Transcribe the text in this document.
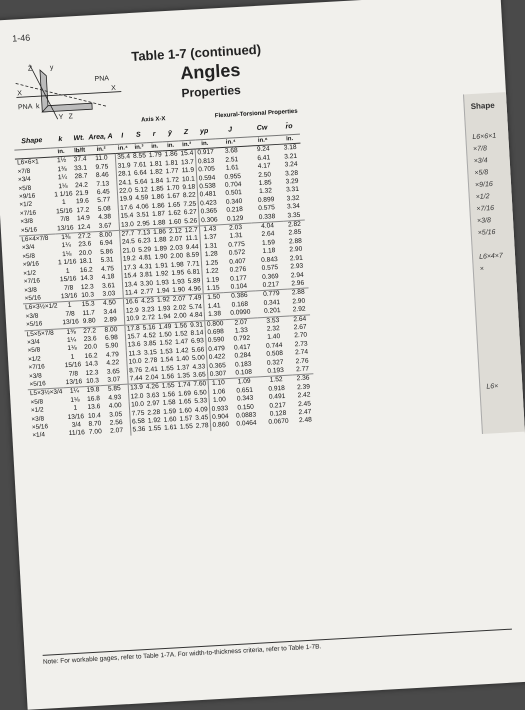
1-46
Table 1-7 (continued)
Angles
Properties
Z y
X
X
Y Z
k
PNA
PNA	Shape
L6×6×1
×7/8
×3/4
×5/8
×9/16
×1/2
×7/16
×3/8
×5/16
L6×4×7
×
L6×
				Axis X-X						Flexural-Torsional Properties		
Shape	k	Wt.	Area, A	I	S	r	ȳ	Z	yp	J	Cw	r̄o
	in.	lb/ft	in.²	in.⁴	in.³	in.	in.	in.³	in.	in.⁴	in.⁶	in.
L6×6×1	1½	37.4	11.0	35.4	8.55	1.79	1.86	15.4	0.917	3.68	9.24	3.18
×7/8	1⅜	33.1	9.75	31.9	7.61	1.81	1.81	13.7	0.813	2.51	6.41	3.21
×3/4	1¼	28.7	8.46	28.1	6.64	1.82	1.77	11.9	0.705	1.61	4.17	3.24
×5/8	1⅛	24.2	7.13	24.1	5.64	1.84	1.72	10.1	0.594	0.955	2.50	3.28
×9/16	1 1/16	21.9	6.45	22.0	5.12	1.85	1.70	9.18	0.538	0.704	1.85	3.29
×1/2	1	19.6	5.77	19.9	4.59	1.86	1.67	8.22	0.481	0.501	1.32	3.31
×7/16	15/16	17.2	5.08	17.6	4.06	1.86	1.65	7.25	0.423	0.340	0.899	3.32
×3/8	7/8	14.9	4.38	15.4	3.51	1.87	1.62	6.27	0.365	0.218	0.575	3.34
×5/16	13/16	12.4	3.67	13.0	2.95	1.88	1.60	5.26	0.306	0.129	0.338	3.35
L6×4×7/8	1⅜	27.2	8.00	27.7	7.13	1.86	2.12	12.7	1.43	2.03	4.04	2.82
×3/4	1¼	23.6	6.94	24.5	6.23	1.88	2.07	11.1	1.37	1.31	2.64	2.85
×5/8	1⅛	20.0	5.86	21.0	5.29	1.89	2.03	9.44	1.31	0.775	1.59	2.88
×9/16	1 1/16	18.1	5.31	19.2	4.81	1.90	2.00	8.59	1.28	0.572	1.18	2.90
×1/2	1	16.2	4.75	17.3	4.31	1.91	1.98	7.71	1.25	0.407	0.843	2.91
×7/16	15/16	14.3	4.18	15.4	3.81	1.92	1.95	6.81	1.22	0.276	0.575	2.93
×3/8	7/8	12.3	3.61	13.4	3.30	1.93	1.93	5.89	1.19	0.177	0.369	2.94
×5/16	13/16	10.3	3.03	11.4	2.77	1.94	1.90	4.96	1.15	0.104	0.217	2.96
L6×3½×1/2	1	15.3	4.50	16.6	4.23	1.92	2.07	7.49	1.50	0.386	0.779	2.88
×3/8	7/8	11.7	3.44	12.9	3.23	1.93	2.02	5.74	1.41	0.168	0.341	2.90
×5/16	13/16	9.80	2.89	10.9	2.72	1.94	2.00	4.84	1.38	0.0990	0.201	2.92
L5×5×7/8	1⅜	27.2	8.00	17.8	5.16	1.49	1.56	9.31	0.800	2.07	3.53	2.64
×3/4	1¼	23.6	6.98	15.7	4.52	1.50	1.52	8.14	0.698	1.33	2.32	2.67
×5/8	1⅛	20.0	5.90	13.6	3.85	1.52	1.47	6.93	0.590	0.792	1.40	2.70
×1/2	1	16.2	4.79	11.3	3.15	1.53	1.42	5.66	0.479	0.417	0.744	2.73
×7/16	15/16	14.3	4.22	10.0	2.78	1.54	1.40	5.00	0.422	0.284	0.508	2.74
×3/8	7/8	12.3	3.65	8.76	2.41	1.55	1.37	4.33	0.365	0.183	0.327	2.76
×5/16	13/16	10.3	3.07	7.44	2.04	1.56	1.35	3.65	0.307	0.108	0.193	2.77
L5×3½×3/4	1¼	19.8	5.85	13.9	4.26	1.55	1.74	7.60	1.10	1.09	1.52	2.36
×5/8	1⅛	16.8	4.93	12.0	3.63	1.56	1.69	6.50	1.06	0.651	0.918	2.39
×1/2	1	13.6	4.00	10.0	2.97	1.58	1.65	5.33	1.00	0.343	0.491	2.42
×3/8	13/16	10.4	3.05	7.75	2.28	1.59	1.60	4.09	0.933	0.150	0.217	2.45
×5/16	3/4	8.70	2.56	6.58	1.92	1.60	1.57	3.45	0.904	0.0883	0.128	2.47
×1/4	11/16	7.00	2.07	5.36	1.55	1.61	1.55	2.78	0.860	0.0464	0.0670	2.48
Note: For workable gages, refer to Table 1-7A. For width-to-thickness criteria, refer to Table 1-7B.
